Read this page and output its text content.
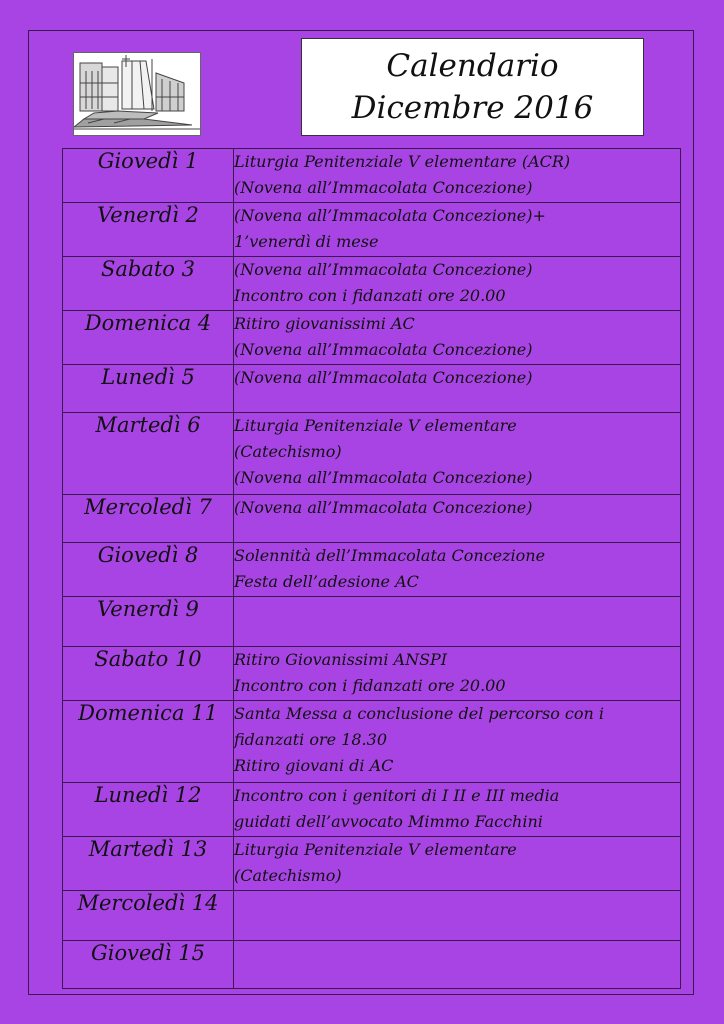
Calendario
Dicembre 2016
Giovedì 1	Liturgia Penitenziale V elementare (ACR)
(Novena all’Immacolata Concezione)

Venerdì 2	(Novena all’Immacolata Concezione)+
1’venerdì di mese

Sabato 3	(Novena all’Immacolata Concezione)
Incontro con i fidanzati ore 20.00

Domenica 4	Ritiro giovanissimi AC
(Novena all’Immacolata Concezione)

Lunedì 5	(Novena all’Immacolata Concezione)

Martedì 6	Liturgia Penitenziale V elementare
(Catechismo)
(Novena all’Immacolata Concezione)

Mercoledì 7	(Novena all’Immacolata Concezione)

Giovedì 8	Solennità dell’Immacolata Concezione
Festa dell’adesione AC

Venerdì 9	
Sabato 10	Ritiro Giovanissimi ANSPI
Incontro con i fidanzati ore 20.00

Domenica 11	Santa Messa a conclusione del percorso con i
fidanzati ore 18.30
Ritiro giovani di AC

Lunedì 12	Incontro con i genitori di I II e III media
guidati dell’avvocato Mimmo Facchini

Martedì 13	Liturgia Penitenziale V elementare
(Catechismo)

Mercoledì 14	
Giovedì 15	
